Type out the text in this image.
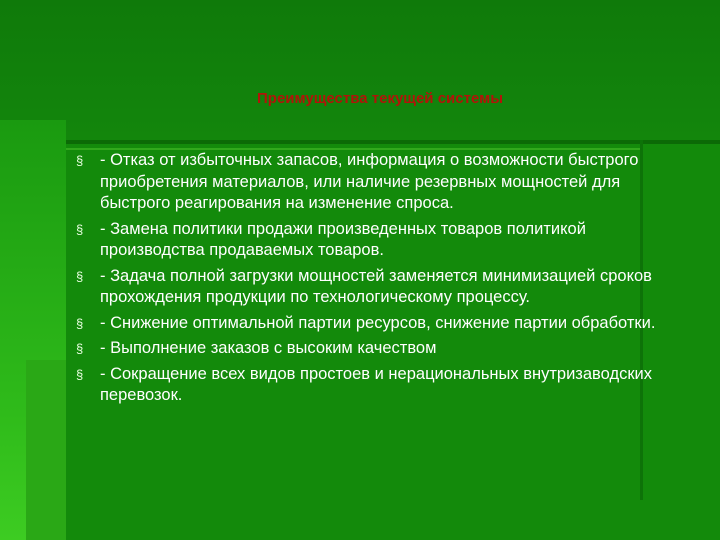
Преимущества текущей системы
§ - Отказ от избыточных запасов, информация о возможности быстрого приобретения материалов, или наличие резервных мощностей для быстрого реагирования на изменение спроса.
§ - Замена политики продажи произведенных товаров политикой производства продаваемых товаров.
§ - Задача полной загрузки мощностей заменяется минимизацией сроков прохождения продукции по технологическому процессу.
§ - Снижение оптимальной партии ресурсов, снижение партии обработки.
§ - Выполнение заказов с высоким качеством
§ - Сокращение всех видов простоев и нерациональных внутризаводских перевозок.
